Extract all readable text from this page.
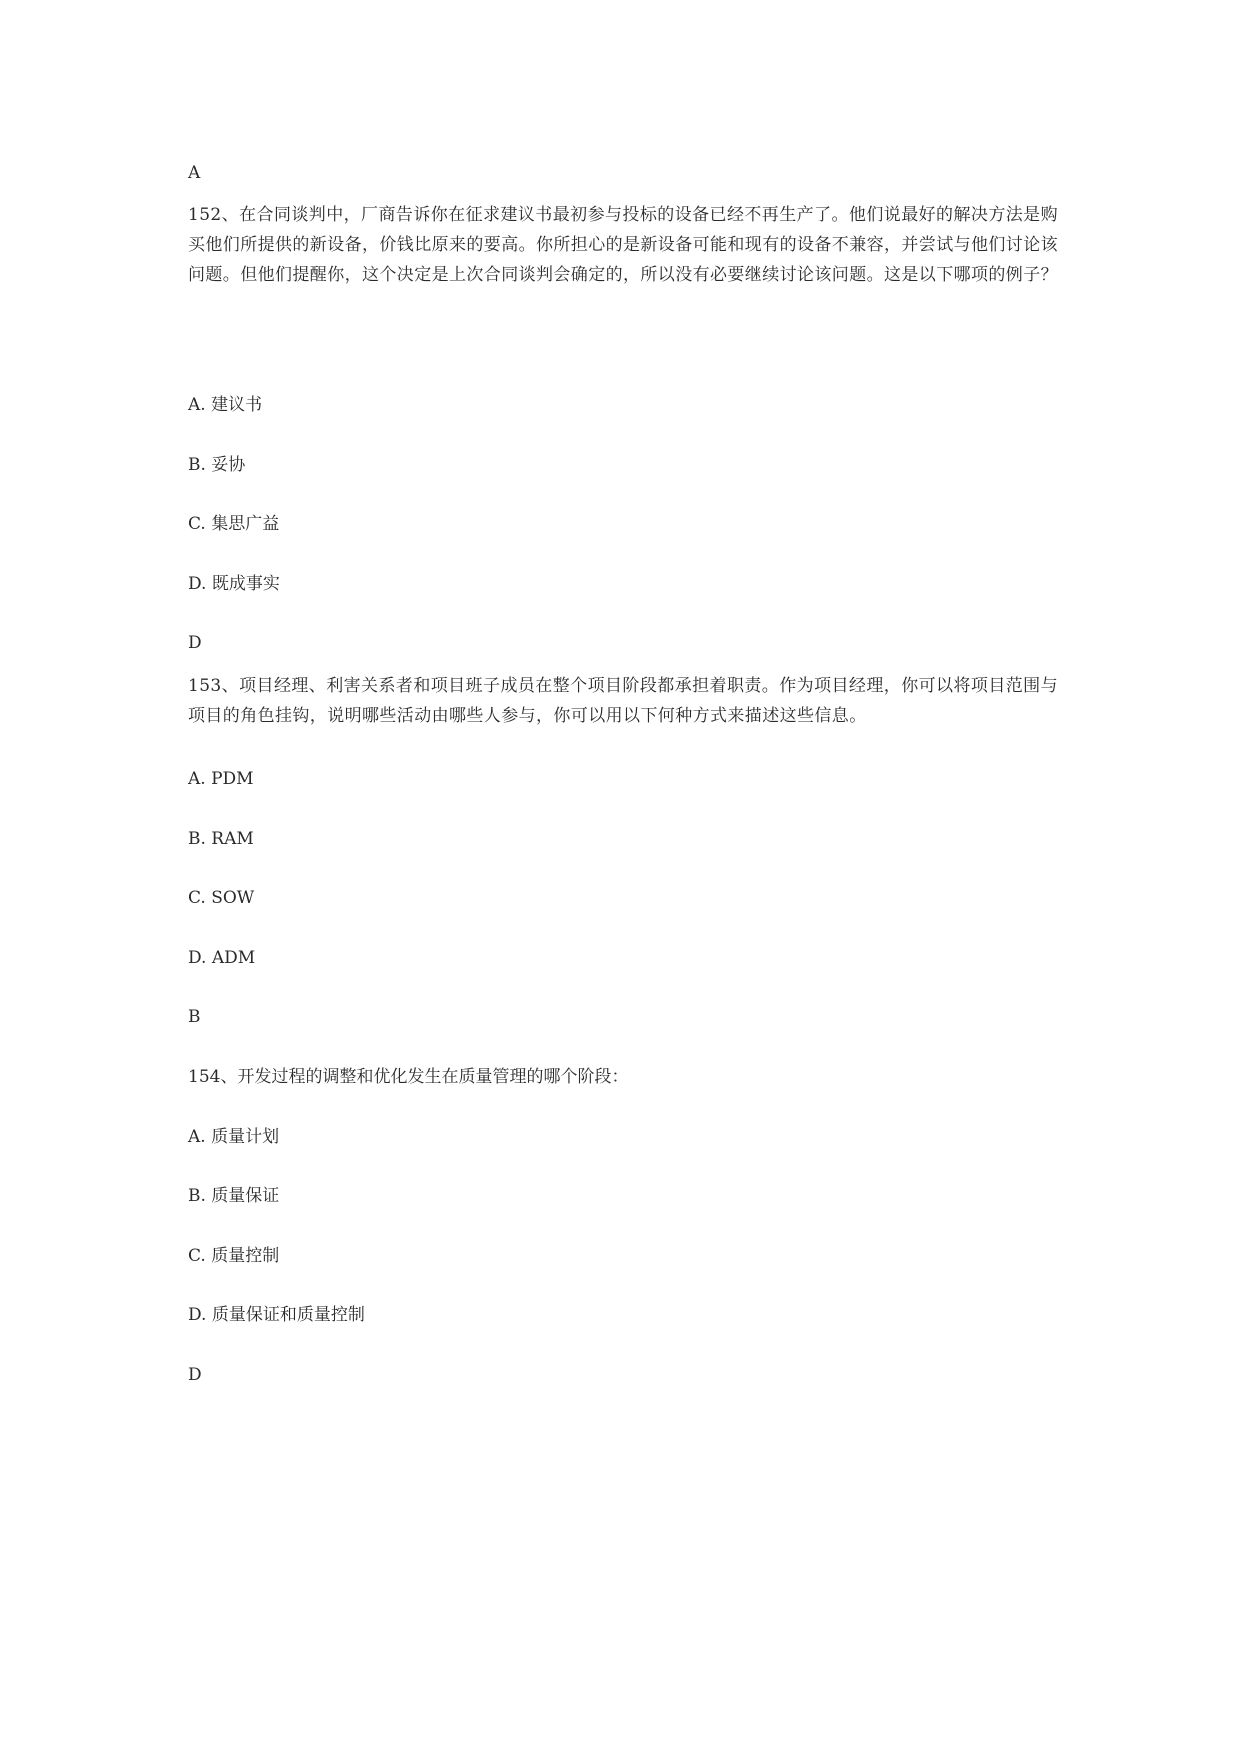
A
152、在合同谈判中，厂商告诉你在征求建议书最初参与投标的设备已经不再生产了。他们说最好的解决方法是购买他们所提供的新设备，价钱比原来的要高。你所担心的是新设备可能和现有的设备不兼容，并尝试与他们讨论该问题。但他们提醒你，这个决定是上次合同谈判会确定的，所以没有必要继续讨论该问题。这是以下哪项的例子？
A. 建议书
B. 妥协
C. 集思广益
D. 既成事实
D
153、项目经理、利害关系者和项目班子成员在整个项目阶段都承担着职责。作为项目经理，你可以将项目范围与项目的角色挂钩，说明哪些活动由哪些人参与，你可以用以下何种方式来描述这些信息。
A. PDM
B. RAM
C. SOW
D. ADM
B
154、开发过程的调整和优化发生在质量管理的哪个阶段：
A. 质量计划
B. 质量保证
C. 质量控制
D. 质量保证和质量控制
D
